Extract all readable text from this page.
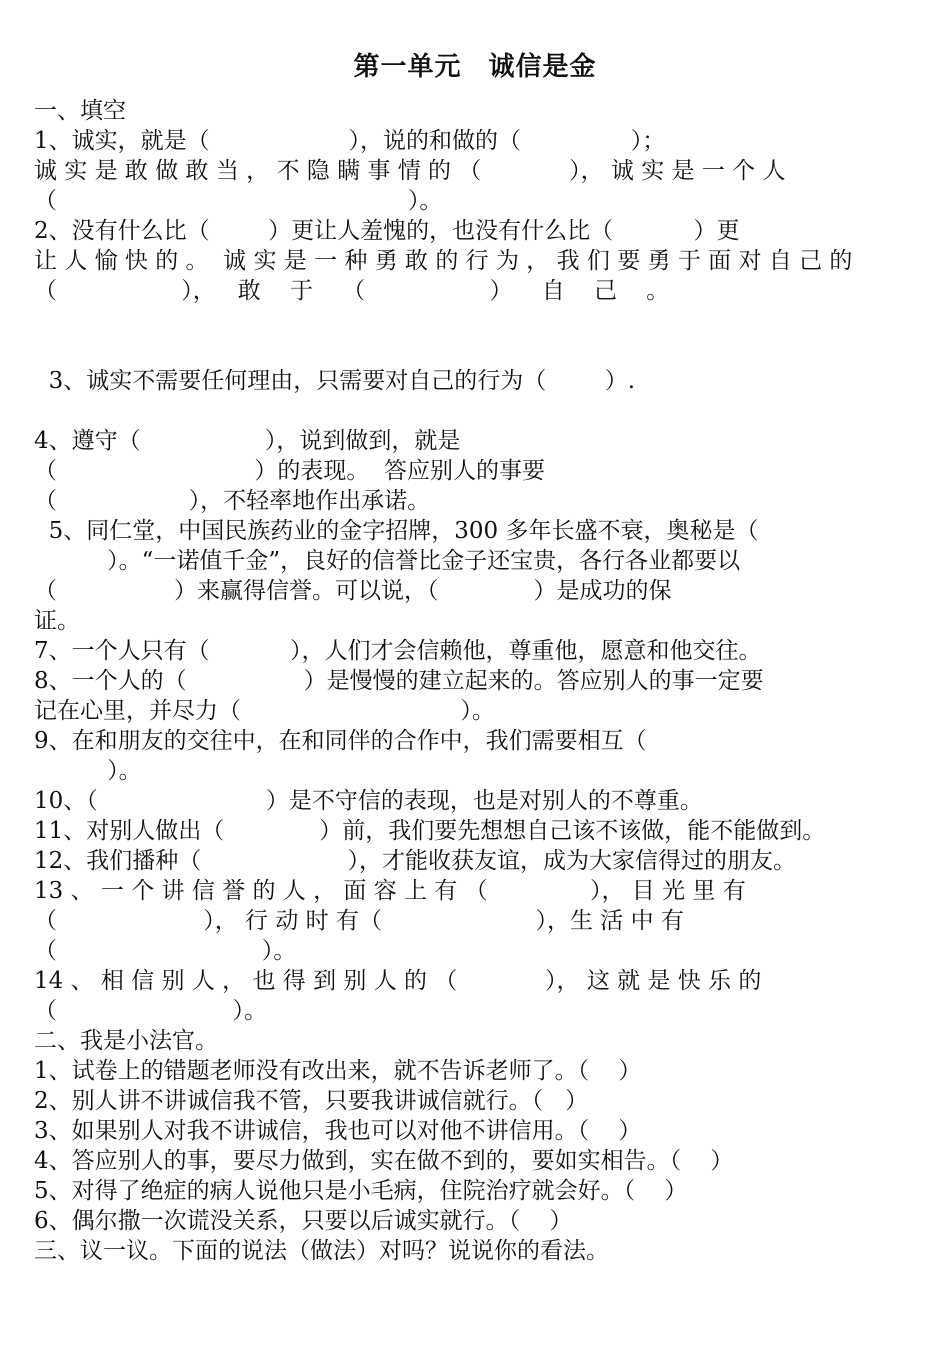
第一单元　诚信是金
一、填空
1、诚实，就是（                   ），说的和做的（               ）；
诚 实 是 敢 做 敢 当 ， 不 隐 瞒 事 情 的 （            ）， 诚 实 是 一 个 人
（                                                ）。
2、没有什么比（        ）更让人羞愧的，也没有什么比（           ）更
让 人 愉 快 的 。  诚 实 是 一 种 勇 敢 的 行 为 ， 我 们 要 勇 于 面 对 自 己 的
（                 ），   敢    于    （                 ）    自    己    。
3、诚实不需要任何理由，只需要对自己的行为（        ）.
4、遵守（                 ），说到做到，就是
（                           ）的表现。  答应别人的事要
（                  ），不轻率地作出承诺。
5、同仁堂，中国民族药业的金字招牌，300 多年长盛不衰，奥秘是（
）。“一诺值千金”，良好的信誉比金子还宝贵，各行各业都要以
（                ）来赢得信誉。可以说，（             ）是成功的保
证。
7、一个人只有（           ），人们才会信赖他，尊重他，愿意和他交往。
8、一个人的（                ）是慢慢的建立起来的。答应别人的事一定要
记在心里，并尽力（                              ）。
9、在和朋友的交往中，在和同伴的合作中，我们需要相互（
）。
10、（                       ）是不守信的表现，也是对别人的不尊重。
11、对别人做出（             ）前，我们要先想想自己该不该做，能不能做到。
12、我们播种（                    ），才能收获友谊，成为大家信得过的朋友。
13 、 一 个 讲 信 誉 的 人 ， 面 容 上 有 （              ）， 目 光 里 有
（                    ）， 行 动 时 有（                     ），生 活 中 有
（                            ）。
14 、 相 信 别 人 ， 也 得 到 别 人 的 （            ）， 这 就 是 快 乐 的
（                        ）。
二、我是小法官。
1、试卷上的错题老师没有改出来，就不告诉老师了。（    ）
2、别人讲不讲诚信我不管，只要我讲诚信就行。（   ）
3、如果别人对我不讲诚信，我也可以对他不讲信用。（    ）
4、答应别人的事，要尽力做到，实在做不到的，要如实相告。（    ）
5、对得了绝症的病人说他只是小毛病，住院治疗就会好。（    ）
6、偶尔撒一次谎没关系，只要以后诚实就行。（    ）
三、议一议。下面的说法（做法）对吗？说说你的看法。
